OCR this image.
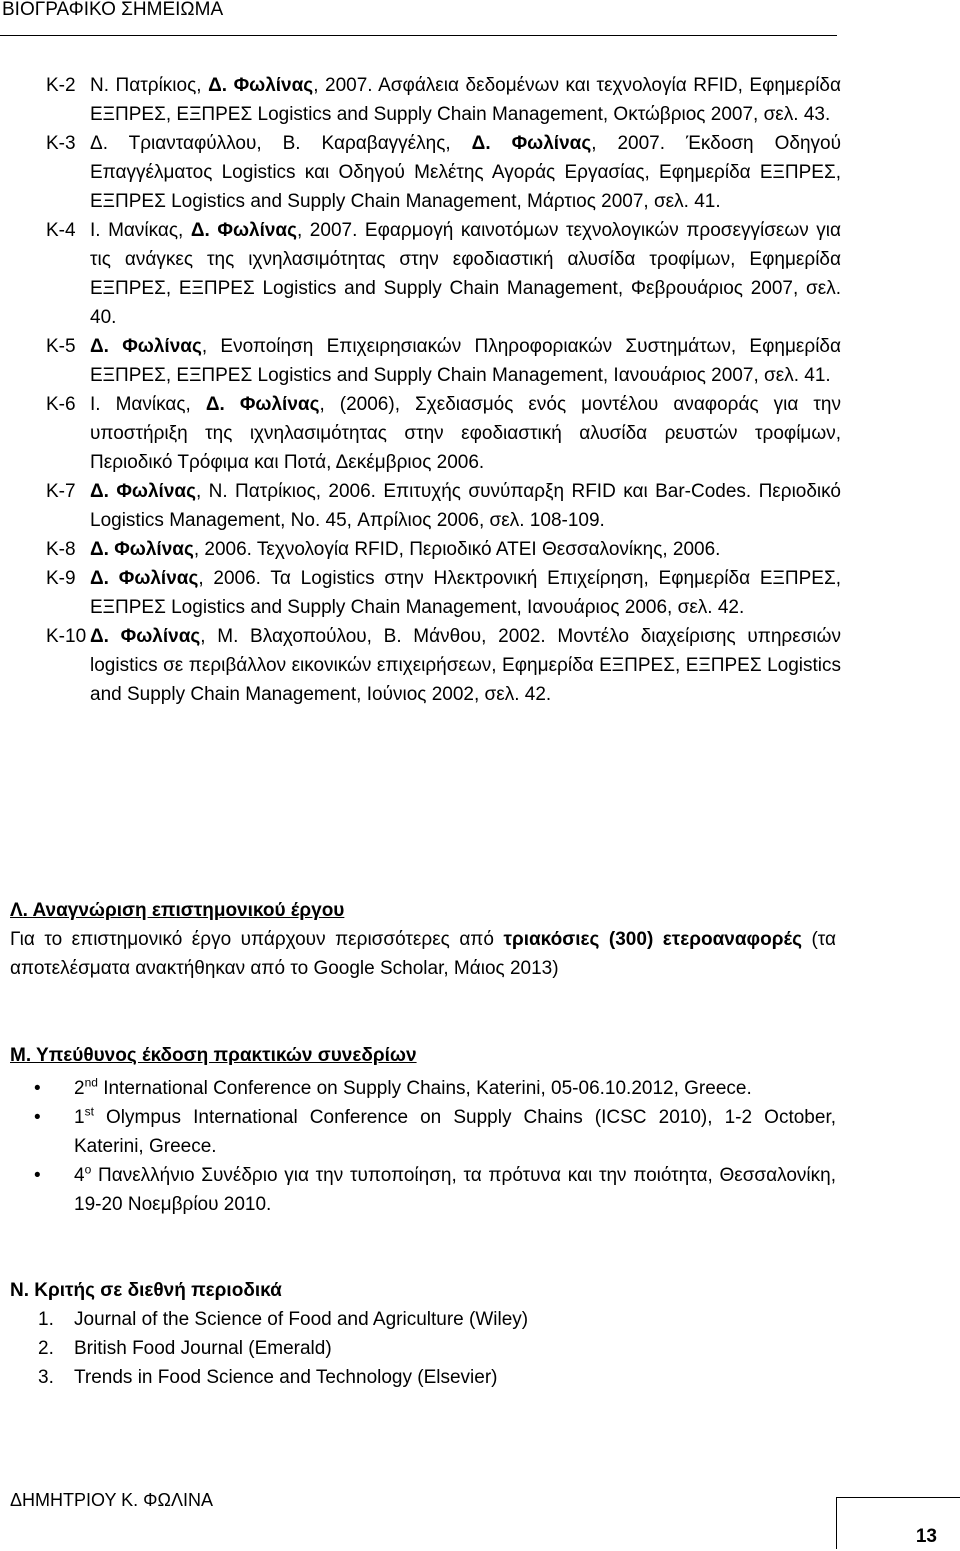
ΒΙΟΓΡΑΦΙΚΟ ΣΗΜΕΙΩΜΑ
Κ-2 Ν. Πατρίκιος, Δ. Φωλίνας, 2007. Ασφάλεια δεδομένων και τεχνολογία RFID, Εφημερίδα ΕΞΠΡΕΣ, ΕΞΠΡΕΣ Logistics and Supply Chain Management, Οκτώβριος 2007, σελ. 43.
Κ-3 Δ. Τριανταφύλλου, Β. Καραβαγγέλης, Δ. Φωλίνας, 2007. Έκδοση Οδηγού Επαγγέλματος Logistics και Οδηγού Μελέτης Αγοράς Εργασίας, Εφημερίδα ΕΞΠΡΕΣ, ΕΞΠΡΕΣ Logistics and Supply Chain Management, Μάρτιος 2007, σελ. 41.
Κ-4 Ι. Μανίκας, Δ. Φωλίνας, 2007. Εφαρμογή καινοτόμων τεχνολογικών προσεγγίσεων για τις ανάγκες της ιχνηλασιμότητας στην εφοδιαστική αλυσίδα τροφίμων, Εφημερίδα ΕΞΠΡΕΣ, ΕΞΠΡΕΣ Logistics and Supply Chain Management, Φεβρουάριος 2007, σελ. 40.
Κ-5 Δ. Φωλίνας, Ενοποίηση Επιχειρησιακών Πληροφοριακών Συστημάτων, Εφημερίδα ΕΞΠΡΕΣ, ΕΞΠΡΕΣ Logistics and Supply Chain Management, Ιανουάριος 2007, σελ. 41.
Κ-6 Ι. Μανίκας, Δ. Φωλίνας, (2006), Σχεδιασμός ενός μοντέλου αναφοράς για την υποστήριξη της ιχνηλασιμότητας στην εφοδιαστική αλυσίδα ρευστών τροφίμων, Περιοδικό Τρόφιμα και Ποτά, Δεκέμβριος 2006.
Κ-7 Δ. Φωλίνας, Ν. Πατρίκιος, 2006. Επιτυχής συνύπαρξη RFID και Bar-Codes. Περιοδικό Logistics Management, No. 45, Απρίλιος 2006, σελ. 108-109.
Κ-8 Δ. Φωλίνας, 2006. Τεχνολογία RFID, Περιοδικό ΑΤΕΙ Θεσσαλονίκης, 2006.
Κ-9 Δ. Φωλίνας, 2006. Τα Logistics στην Ηλεκτρονική Επιχείρηση, Εφημερίδα ΕΞΠΡΕΣ, ΕΞΠΡΕΣ Logistics and Supply Chain Management, Ιανουάριος 2006, σελ. 42.
Κ-10 Δ. Φωλίνας, Μ. Βλαχοπούλου, Β. Μάνθου, 2002. Μοντέλο διαχείρισης υπηρεσιών logistics σε περιβάλλον εικονικών επιχειρήσεων, Εφημερίδα ΕΞΠΡΕΣ, ΕΞΠΡΕΣ Logistics and Supply Chain Management, Ιούνιος 2002, σελ. 42.
Λ. Αναγνώριση επιστημονικού έργου
Για το επιστημονικό έργο υπάρχουν περισσότερες από τριακόσιες (300) ετεροαναφορές (τα αποτελέσματα ανακτήθηκαν από το Google Scholar, Μάιος 2013)
Μ. Υπεύθυνος έκδοση πρακτικών συνεδρίων
• 2nd International Conference on Supply Chains, Katerini, 05-06.10.2012, Greece.
• 1st Olympus International Conference on Supply Chains (ICSC 2010), 1-2 October, Katerini, Greece.
• $4^o$ Πανελλήνιο Συνέδριο για την τυποποίηση, τα πρότυνα και την ποιότητα, Θεσσαλονίκη, 19-20 Νοεμβρίου 2010.
Ν. Κριτής σε διεθνή περιοδικά
1. Journal of the Science of Food and Agriculture (Wiley)
2. British Food Journal (Emerald)
3. Trends in Food Science and Technology (Elsevier)
ΔΗΜΗΤΡΙΟΥ Κ. ΦΩΛΙΝΑ
13
